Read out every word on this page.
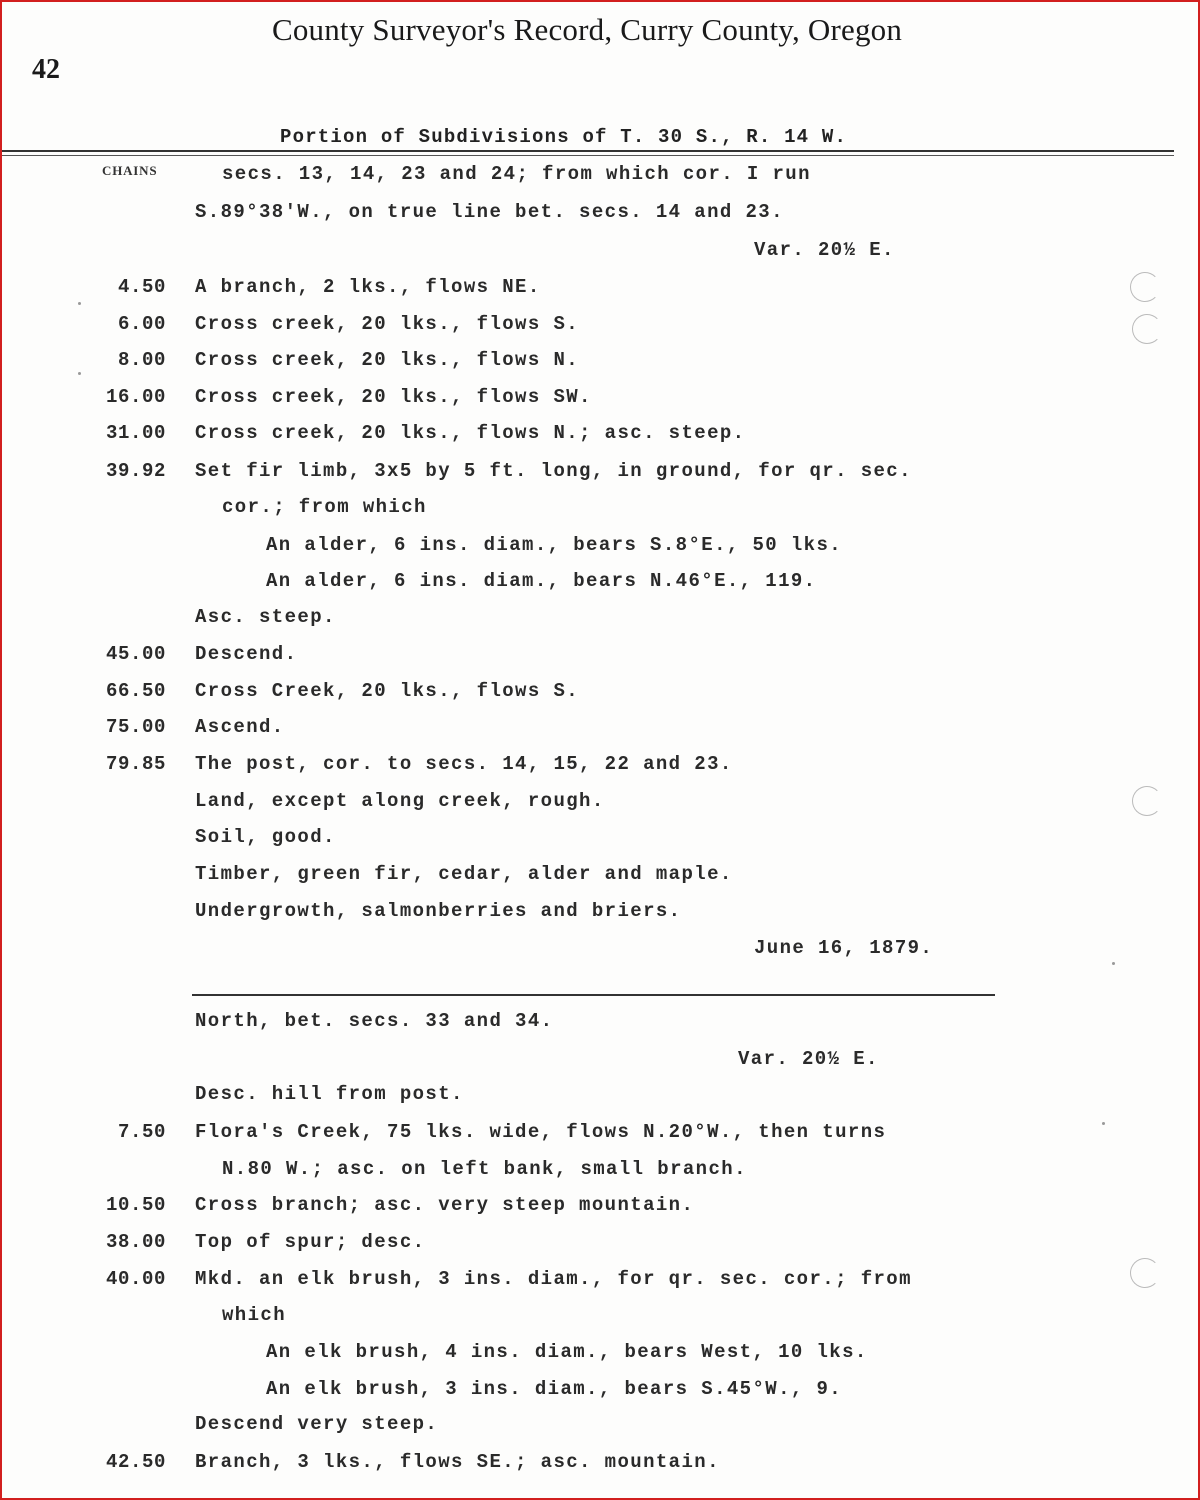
County Surveyor's Record, Curry County, Oregon
42
Portion of Subdivisions of T. 30 S., R. 14 W.
CHAINS	secs. 13, 14, 23 and 24; from which cor. I run
S.89°38'W., on true line bet. secs. 14 and 23.
Var. 20½ E.
4.50 A branch, 2 lks., flows NE.
6.00 Cross creek, 20 lks., flows S.
8.00 Cross creek, 20 lks., flows N.
16.00 Cross creek, 20 lks., flows SW.
31.00 Cross creek, 20 lks., flows N.; asc. steep.
39.92 Set fir limb, 3x5 by 5 ft. long, in ground, for qr. sec.
cor.; from which
An alder, 6 ins. diam., bears S.8°E., 50 lks.
An alder, 6 ins. diam., bears N.46°E., 119.
Asc. steep.
45.00 Descend.
66.50 Cross Creek, 20 lks., flows S.
75.00 Ascend.
79.85 The post, cor. to secs. 14, 15, 22 and 23.
Land, except along creek, rough.
Soil, good.
Timber, green fir, cedar, alder and maple.
Undergrowth, salmonberries and briers.
June 16, 1879.
North, bet. secs. 33 and 34.
Var. 20½ E.
Desc. hill from post.
7.50 Flora's Creek, 75 lks. wide, flows N.20°W., then turns
N.80 W.; asc. on left bank, small branch.
10.50 Cross branch; asc. very steep mountain.
38.00 Top of spur; desc.
40.00 Mkd. an elk brush, 3 ins. diam., for qr. sec. cor.; from
which
An elk brush, 4 ins. diam., bears West, 10 lks.
An elk brush, 3 ins. diam., bears S.45°W., 9.
Descend very steep.
42.50 Branch, 3 lks., flows SE.; asc. mountain.
